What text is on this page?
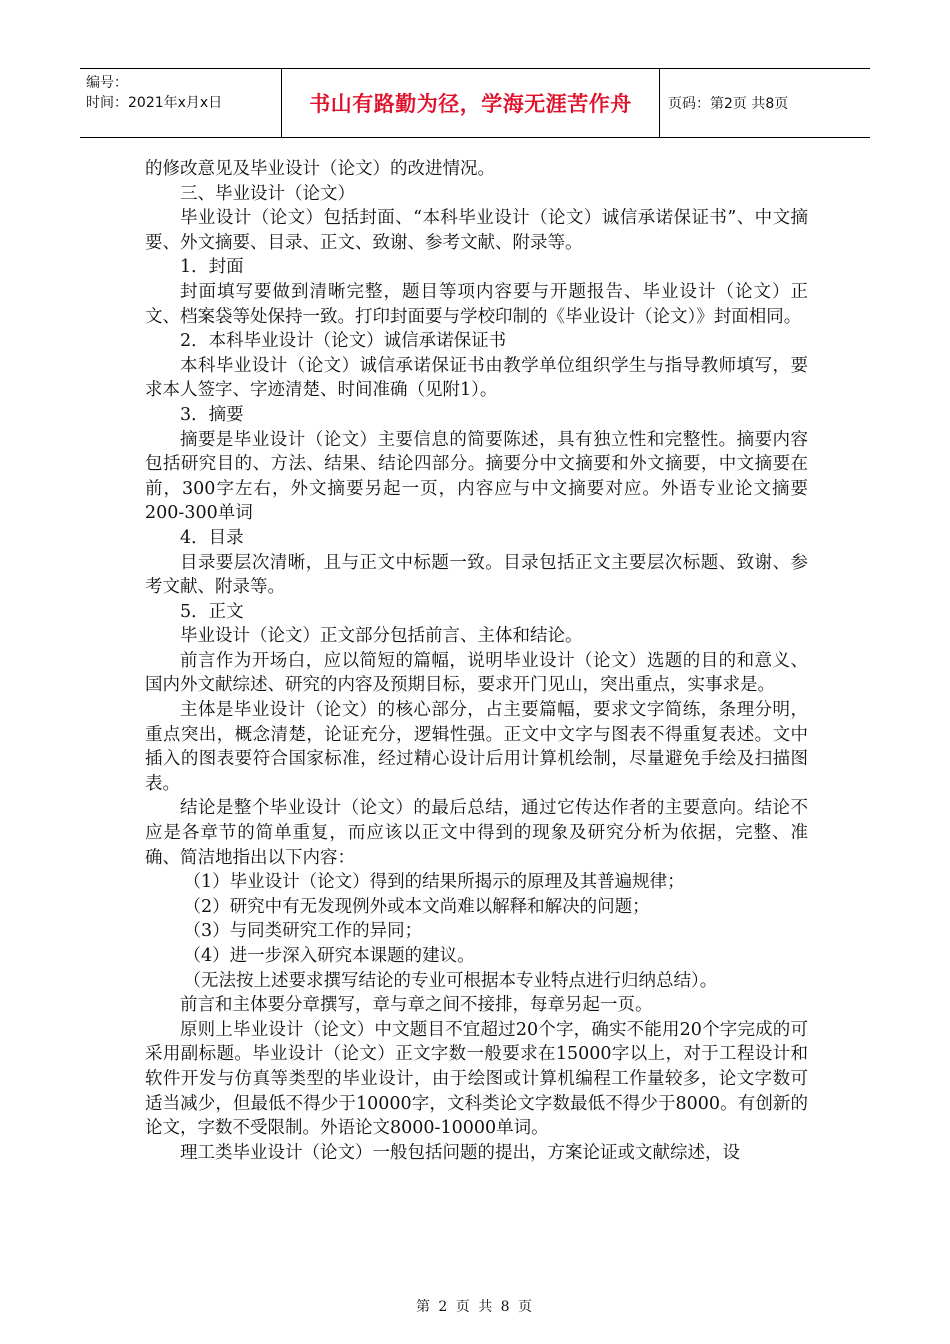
编号：
时间：2021年x月x日	书山有路勤为径，学海无涯苦作舟	页码：第2页 共8页

的修改意见及毕业设计（论文）的改进情况。

三、毕业设计（论文）

毕业设计（论文）包括封面、“本科毕业设计（论文）诚信承诺保证书”、中文摘要、外文摘要、目录、正文、致谢、参考文献、附录等。

1．封面

封面填写要做到清晰完整，题目等项内容要与开题报告、毕业设计（论文）正文、档案袋等处保持一致。打印封面要与学校印制的《毕业设计（论文）》封面相同。

2．本科毕业设计（论文）诚信承诺保证书

本科毕业设计（论文）诚信承诺保证书由教学单位组织学生与指导教师填写，要求本人签字、字迹清楚、时间准确（见附1）。

3．摘要

摘要是毕业设计（论文）主要信息的简要陈述，具有独立性和完整性。摘要内容包括研究目的、方法、结果、结论四部分。摘要分中文摘要和外文摘要，中文摘要在前，300字左右，外文摘要另起一页，内容应与中文摘要对应。外语专业论文摘要200-300单词

4．目录

目录要层次清晰，且与正文中标题一致。目录包括正文主要层次标题、致谢、参考文献、附录等。

5．正文

毕业设计（论文）正文部分包括前言、主体和结论。

前言作为开场白，应以简短的篇幅，说明毕业设计（论文）选题的目的和意义、国内外文献综述、研究的内容及预期目标，要求开门见山，突出重点，实事求是。

主体是毕业设计（论文）的核心部分，占主要篇幅，要求文字简练，条理分明，重点突出，概念清楚，论证充分，逻辑性强。正文中文字与图表不得重复表述。文中插入的图表要符合国家标准，经过精心设计后用计算机绘制，尽量避免手绘及扫描图表。

结论是整个毕业设计（论文）的最后总结，通过它传达作者的主要意向。结论不应是各章节的简单重复，而应该以正文中得到的现象及研究分析为依据，完整、准确、简洁地指出以下内容：

（1）毕业设计（论文）得到的结果所揭示的原理及其普遍规律；

（2）研究中有无发现例外或本文尚难以解释和解决的问题；

（3）与同类研究工作的异同；

（4）进一步深入研究本课题的建议。

（无法按上述要求撰写结论的专业可根据本专业特点进行归纳总结）。

前言和主体要分章撰写，章与章之间不接排，每章另起一页。

原则上毕业设计（论文）中文题目不宜超过20个字，确实不能用20个字完成的可采用副标题。毕业设计（论文）正文字数一般要求在15000字以上，对于工程设计和软件开发与仿真等类型的毕业设计，由于绘图或计算机编程工作量较多，论文字数可适当减少，但最低不得少于10000字，文科类论文字数最低不得少于8000。有创新的论文，字数不受限制。外语论文8000-10000单词。

理工类毕业设计（论文）一般包括问题的提出，方案论证或文献综述，设

第 2 页 共 8 页
